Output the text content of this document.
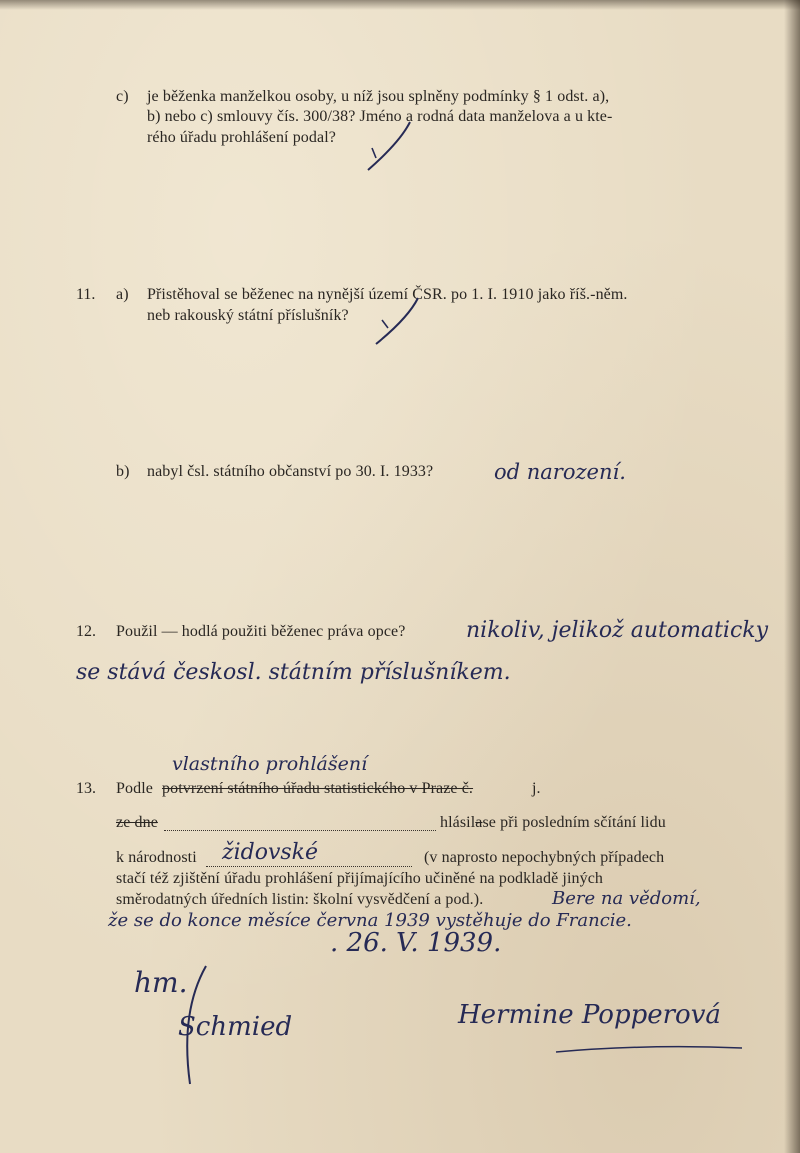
c) je běženka manželkou osoby, u níž jsou splněny podmínky § 1 odst. a),
b) nebo c) smlouvy čís. 300/38? Jméno a rodná data manželova a u kte-
rého úřadu prohlášení podal?
11. a) Přistěhoval se běženec na nynější území ČSR. po 1. I. 1910 jako říš.-něm.
neb rakouský státní příslušník?
b) nabyl čsl. státního občanství po 30. I. 1933?	od narození.
12. Použil — hodlá použiti běženec práva opce?	nikoliv, jelikož automaticky
se stává českosl. státním příslušníkem.
vlastního prohlášení
13. Podle potvrzení státního úřadu statistického v Praze č.	j.
ze dne	hlásilase při posledním sčítání lidu
k národnosti židovské	(v naprosto nepochybných případech
stačí též zjištění úřadu prohlášení přijímajícího učiněné na podkladě jiných
směrodatných úředních listin: školní vysvědčení a pod.).	Bere na vědomí,
že se do konce měsíce června 1939 vystěhuje do Francie.
. 26. V. 1939.
hm.
Schmied	Hermine Popperová
